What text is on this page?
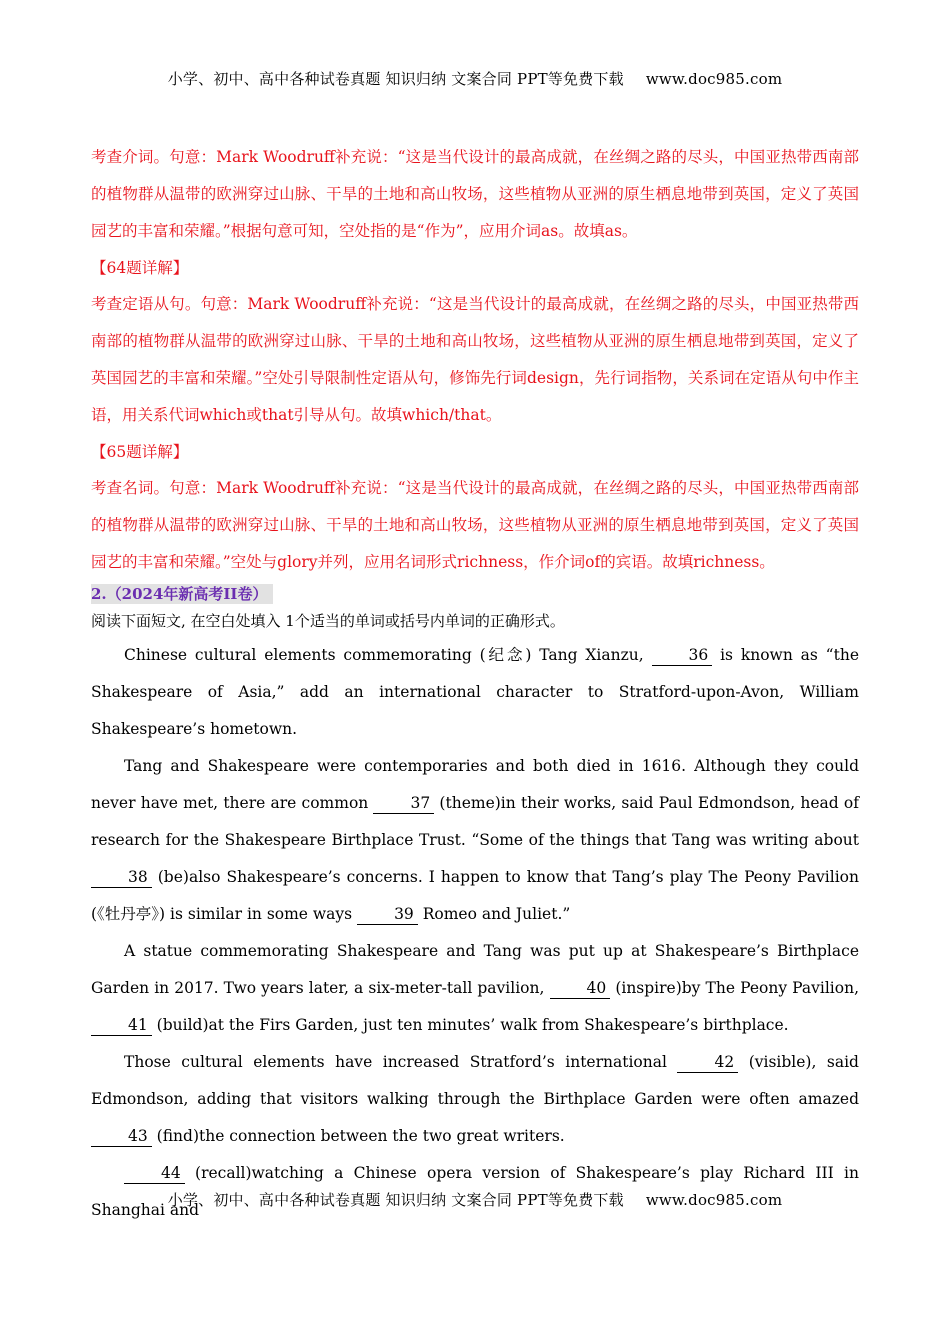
小学、初中、高中各种试卷真题 知识归纳 文案合同 PPT等免费下载 www.doc985.com

考查介词。句意：Mark Woodruff补充说：“这是当代设计的最高成就，在丝绸之路的尽头，中国亚热带西南部的植物群从温带的欧洲穿过山脉、干旱的土地和高山牧场，这些植物从亚洲的原生栖息地带到英国，定义了英国园艺的丰富和荣耀。”根据句意可知，空处指的是“作为”，应用介词as。故填as。

【64题详解】

考查定语从句。句意：Mark Woodruff补充说：“这是当代设计的最高成就，在丝绸之路的尽头，中国亚热带西南部的植物群从温带的欧洲穿过山脉、干旱的土地和高山牧场，这些植物从亚洲的原生栖息地带到英国，定义了英国园艺的丰富和荣耀。”空处引导限制性定语从句，修饰先行词design，先行词指物，关系词在定语从句中作主语，用关系代词which或that引导从句。故填which/that。

【65题详解】

考查名词。句意：Mark Woodruff补充说：“这是当代设计的最高成就，在丝绸之路的尽头，中国亚热带西南部的植物群从温带的欧洲穿过山脉、干旱的土地和高山牧场，这些植物从亚洲的原生栖息地带到英国，定义了英国园艺的丰富和荣耀。”空处与glory并列，应用名词形式richness，作介词of的宾语。故填richness。

2.（2024年新高考II卷）

阅读下面短文, 在空白处填入 1个适当的单词或括号内单词的正确形式。

Chinese cultural elements commemorating (纪念) Tang Xianzu, 36 is known as “the Shakespeare of Asia,” add an international character to Stratford-upon-Avon, William Shakespeare’s hometown.

Tang and Shakespeare were contemporaries and both died in 1616. Although they could never have met, there are common 37 (theme)in their works, said Paul Edmondson, head of research for the Shakespeare Birthplace Trust. “Some of the things that Tang was writing about 38 (be)also Shakespeare’s concerns. I happen to know that Tang’s play The Peony Pavilion (《牡丹亭》) is similar in some ways 39 Romeo and Juliet.”

A statue commemorating Shakespeare and Tang was put up at Shakespeare’s Birthplace Garden in 2017. Two years later, a six-meter-tall pavilion, 40 (inspire)by The Peony Pavilion, 41 (build)at the Firs Garden, just ten minutes’ walk from Shakespeare’s birthplace.

Those cultural elements have increased Stratford’s international 42 (visible), said Edmondson, adding that visitors walking through the Birthplace Garden were often amazed 43 (find)the connection between the two great writers.

44 (recall)watching a Chinese opera version of Shakespeare’s play Richard III in Shanghai and

小学、初中、高中各种试卷真题 知识归纳 文案合同 PPT等免费下载 www.doc985.com
